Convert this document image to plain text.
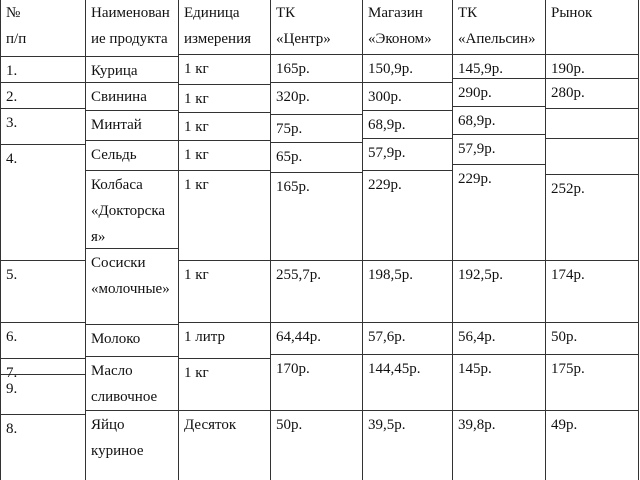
№
п/п
Наименован
ие продукта
Единица
измерения
ТК
«Центр»
Магазин
«Эконом»
ТК
«Апельсин»
Рынок
1.
2.
3.
4.
5.
6.
7.
8.
9.
Курица
Свинина
Минтай
Сельдь
Колбаса
«Докторска
я»
Сосиски
«молочные»
Молоко
Масло
сливочное
Яйцо
куриное
1 кг
1 кг
1 кг
1 кг
1 кг
1 кг
1 литр
1 кг
Десяток
165р.
320р.
75р.
65р.
165р.
255,7р.
64,44р.
170р.
50р.
150,9р.
300р.
68,9р.
57,9р.
229р.
198,5р.
57,6р.
144,45р.
39,5р.
145,9р.
290р.
68,9р.
57,9р.
229р.
192,5р.
56,4р.
145р.
39,8р.
190р.
280р.
252р.
174р.
50р.
175р.
49р.
